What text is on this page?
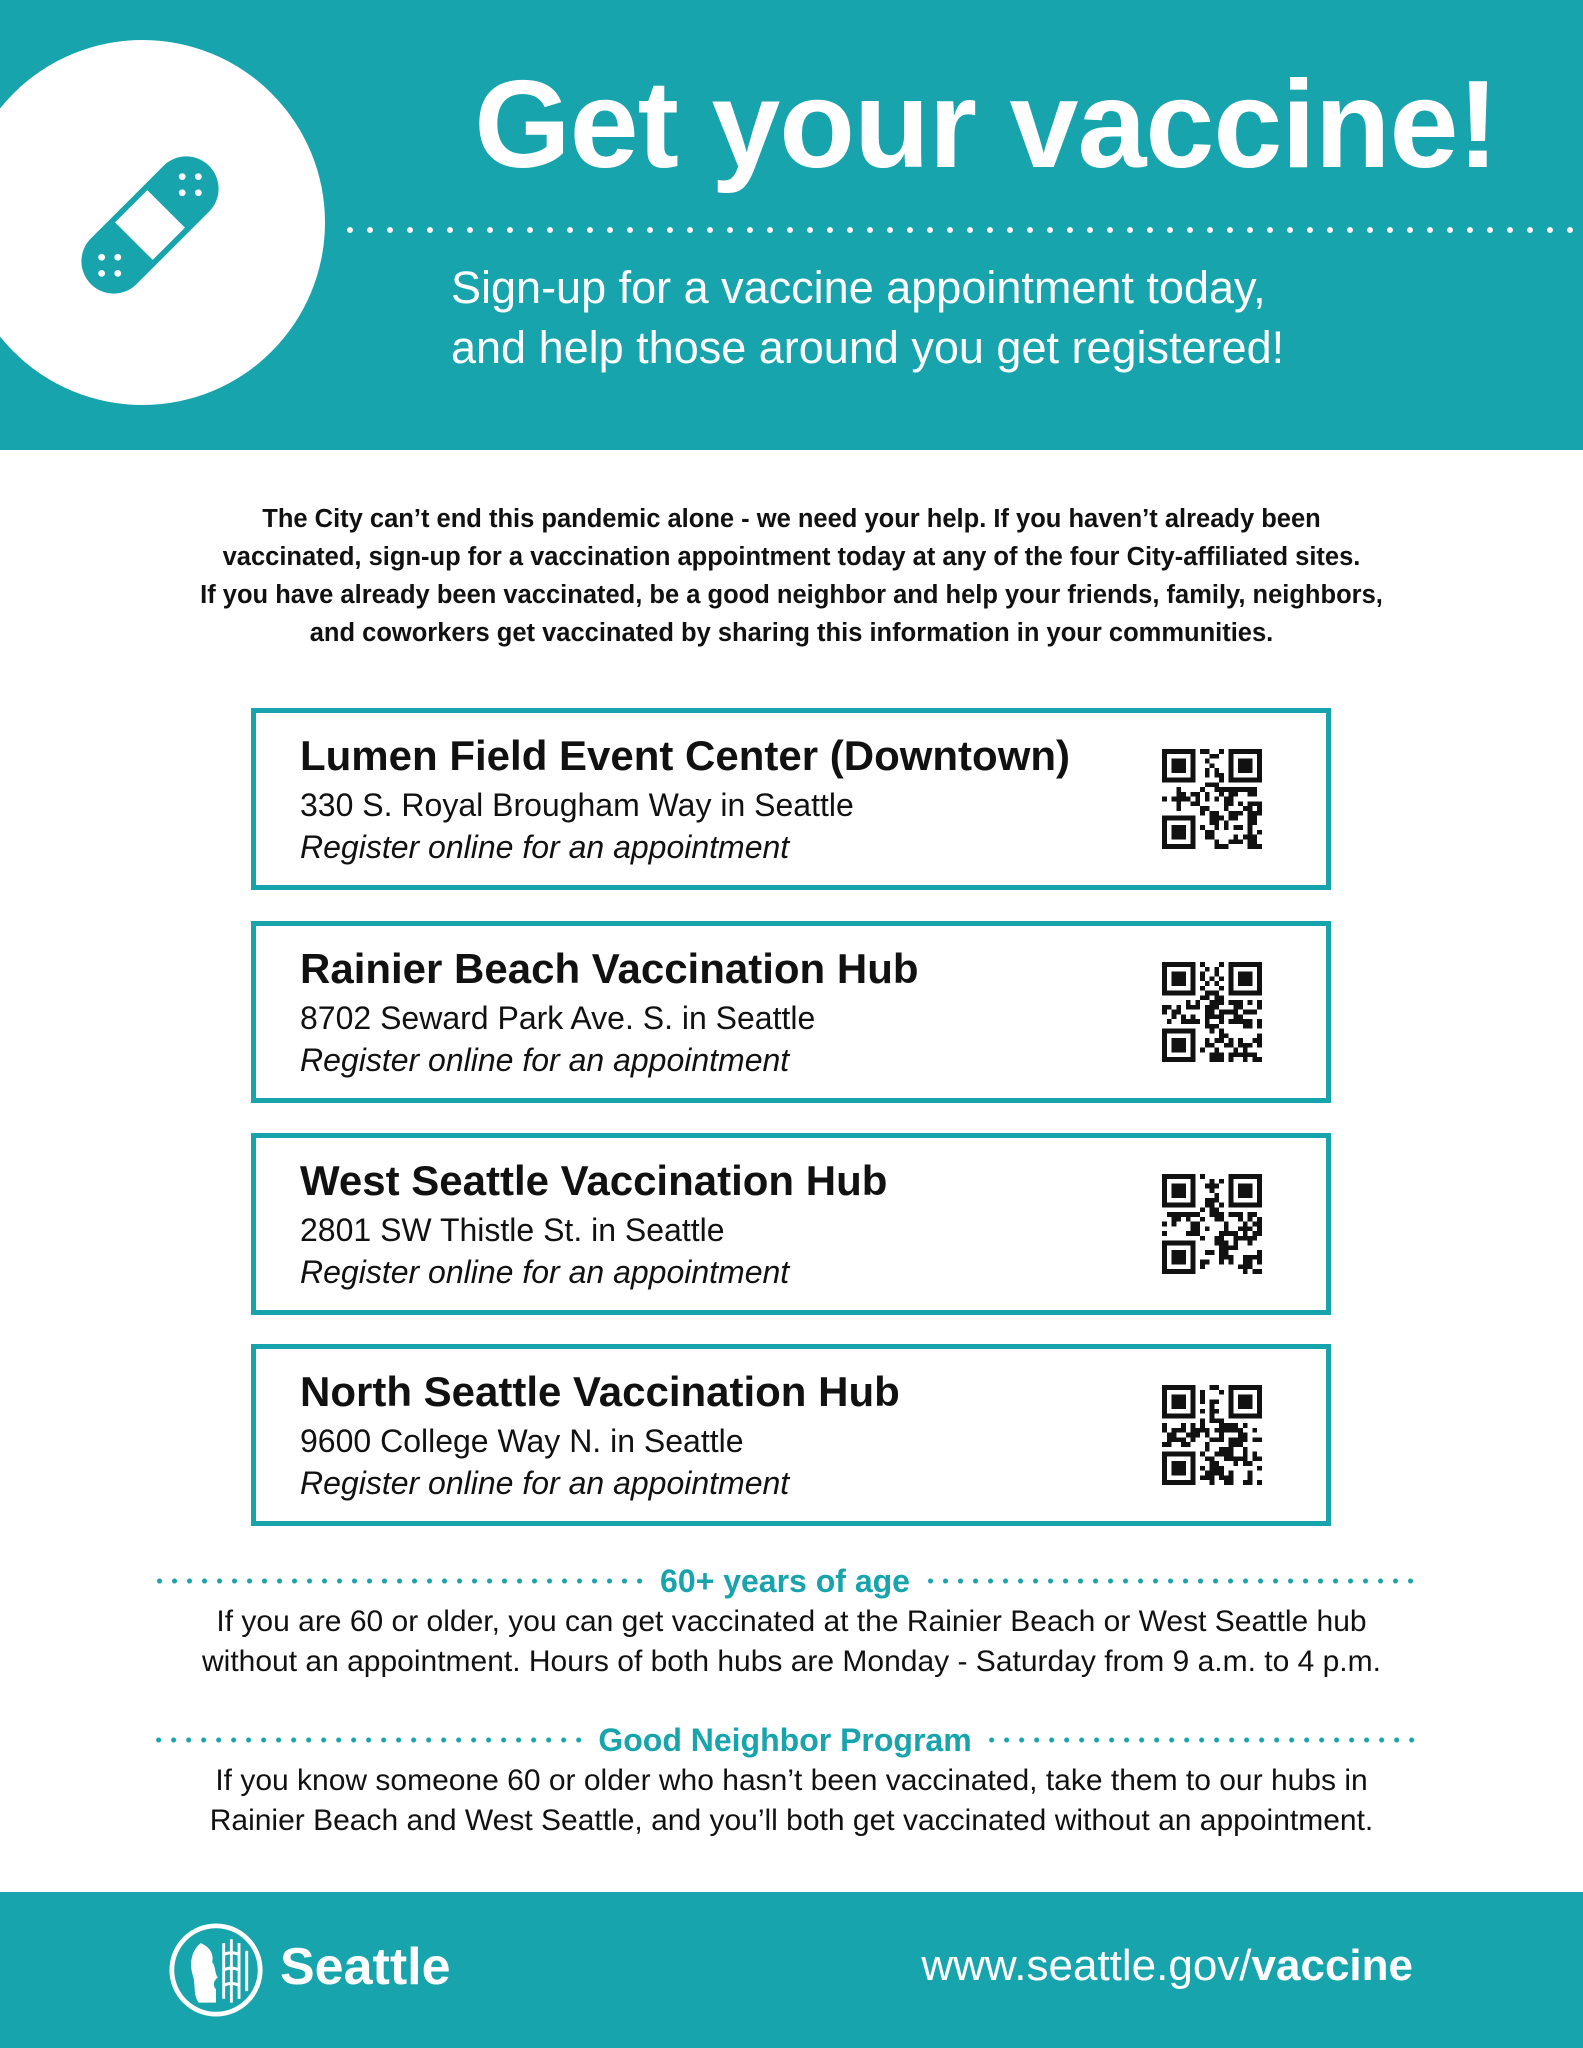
Get your vaccine!
Sign-up for a vaccine appointment today,
and help those around you get registered!
The City can’t end this pandemic alone - we need your help. If you haven’t already been
vaccinated, sign-up for a vaccination appointment today at any of the four City-affiliated sites.
If you have already been vaccinated, be a good neighbor and help your friends, family, neighbors,
and coworkers get vaccinated by sharing this information in your communities.
Lumen Field Event Center (Downtown)
330 S. Royal Brougham Way in Seattle
Register online for an appointment
Rainier Beach Vaccination Hub
8702 Seward Park Ave. S. in Seattle
Register online for an appointment
West Seattle Vaccination Hub
2801 SW Thistle St. in Seattle
Register online for an appointment
North Seattle Vaccination Hub
9600 College Way N. in Seattle
Register online for an appointment
60+ years of age
If you are 60 or older, you can get vaccinated at the Rainier Beach or West Seattle hub
without an appointment. Hours of both hubs are Monday - Saturday from 9 a.m. to 4 p.m.
Good Neighbor Program
If you know someone 60 or older who hasn’t been vaccinated, take them to our hubs in
Rainier Beach and West Seattle, and you’ll both get vaccinated without an appointment.
Seattle	www.seattle.gov/vaccine
